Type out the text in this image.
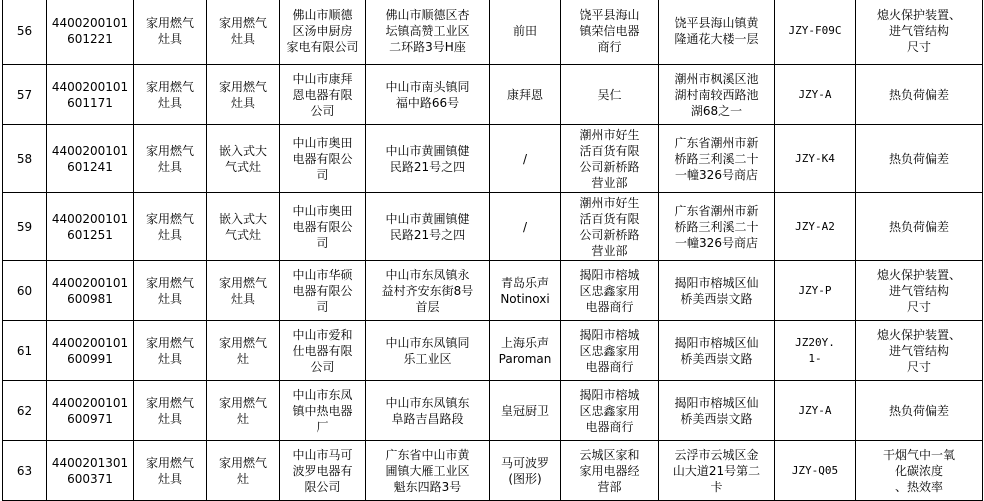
56	4400200101
601221	家用燃气
灶具	家用燃气
灶具	佛山市顺德
区汤申厨房
家电有限公司	佛山市顺德区杏
坛镇高赞工业区
二环路3号H座	前田	饶平县海山
镇荣信电器
商行	饶平县海山镇黄
隆通花大楼一层	JZY-F09C	熄火保护装置、
进气管结构
尺寸
57	4400200101
601171	家用燃气
灶具	家用燃气
灶具	中山市康拜
恩电器有限
公司	中山市南头镇同
福中路66号	康拜恩	吴仁	潮州市枫溪区池
湖村南较西路池
湖68之一	JZY-A	热负荷偏差
58	4400200101
601241	家用燃气
灶具	嵌入式大
气式灶	中山市奥田
电器有限公
司	中山市黄圃镇健
民路21号之四	/	潮州市好生
活百货有限
公司新桥路
营业部	广东省潮州市新
桥路三利溪二十
一幢326号商店	JZY-K4	热负荷偏差
59	4400200101
601251	家用燃气
灶具	嵌入式大
气式灶	中山市奥田
电器有限公
司	中山市黄圃镇健
民路21号之四	/	潮州市好生
活百货有限
公司新桥路
营业部	广东省潮州市新
桥路三利溪二十
一幢326号商店	JZY-A2	热负荷偏差
60	4400200101
600981	家用燃气
灶具	家用燃气
灶具	中山市华硕
电器有限公
司	中山市东凤镇永
益村齐安东街8号
首层	青岛乐声
Notinoxi	揭阳市榕城
区忠鑫家用
电器商行	揭阳市榕城区仙
桥美西崇文路	JZY-P	熄火保护装置、
进气管结构
尺寸
61	4400200101
600991	家用燃气
灶具	家用燃气
灶	中山市爱和
仕电器有限
公司	中山市东凤镇同
乐工业区	上海乐声
Paroman	揭阳市榕城
区忠鑫家用
电器商行	揭阳市榕城区仙
桥美西崇文路	JZ20Y.
1-	熄火保护装置、
进气管结构
尺寸
62	4400200101
600971	家用燃气
灶具	家用燃气
灶	中山市东凤
镇中热电器
厂	中山市东凤镇东
阜路吉昌路段	皇冠厨卫	揭阳市榕城
区忠鑫家用
电器商行	揭阳市榕城区仙
桥美西崇文路	JZY-A	热负荷偏差
63	4400201301
600371	家用燃气
灶具	家用燃气
灶	中山市马可
波罗电器有
限公司	广东省中山市黄
圃镇大雁工业区
魁东四路3号	马可波罗
(图形)	云城区家和
家用电器经
营部	云浮市云城区金
山大道21号第二
卡	JZY-Q05	干烟气中一氧
化碳浓度
、热效率
